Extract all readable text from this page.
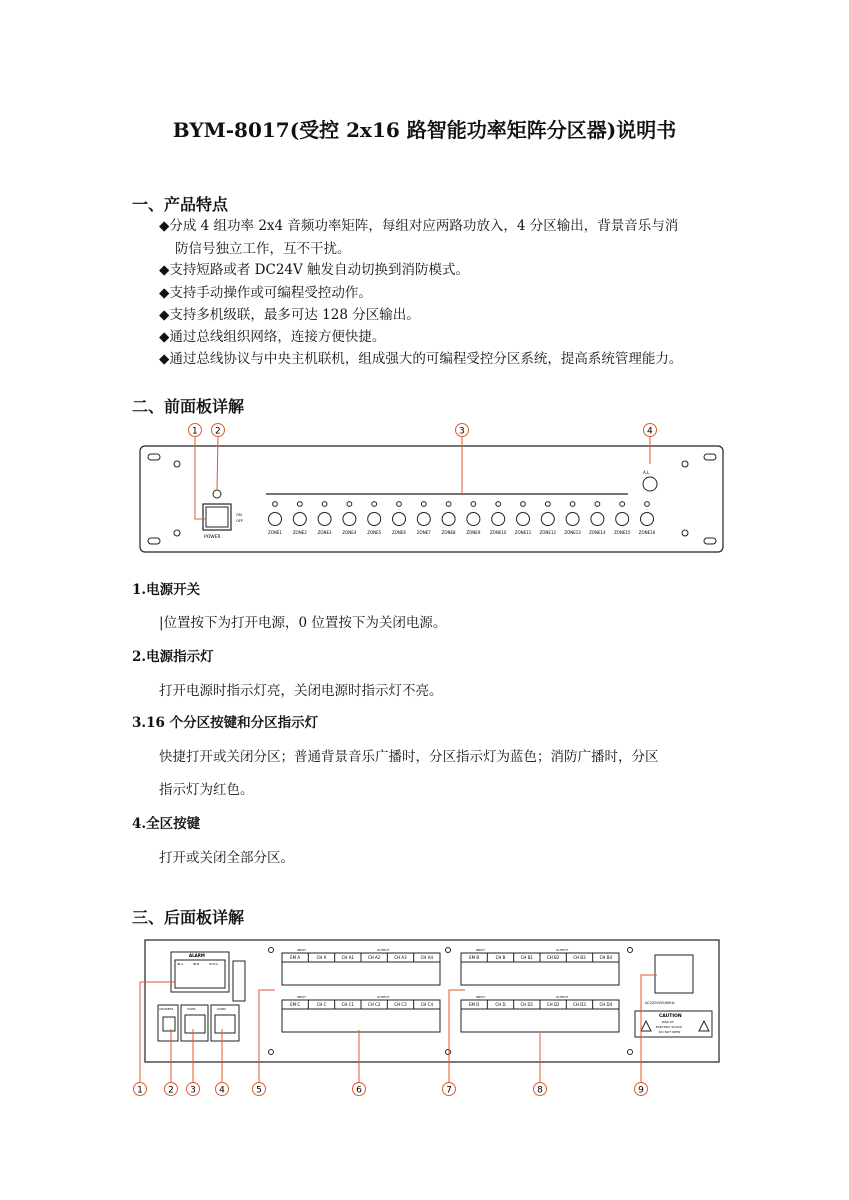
BYM-8017(受控 2x16 路智能功率矩阵分区器)说明书
一、产品特点
◆分成 4 组功率 2x4 音频功率矩阵，每组对应两路功放入，4 分区输出，背景音乐与消
防信号独立工作，互不干扰。
◆支持短路或者 DC24V 触发自动切换到消防模式。
◆支持手动操作或可编程受控动作。
◆支持多机级联，最多可达 128 分区输出。
◆通过总线组织网络，连接方便快捷。
◆通过总线协议与中央主机联机，组成强大的可编程受控分区系统，提高系统管理能力。
二、前面板详解
POWER
ON
OFF
A.L
ZONE1	ZONE2	ZONE3	ZONE4	ZONE5	ZONE6	ZONE7	ZONE8	ZONE9 ZONE10 ZONE11 ZONE12 ZONE13 ZONE14 ZONE15 ZONE16
1 2	3	4
1.电源开关
|位置按下为打开电源，0 位置按下为关闭电源。
2.电源指示灯
打开电源时指示灯亮，关闭电源时指示灯不亮。
3.16 个分区按键和分区指示灯
快捷打开或关闭分区；普通背景音乐广播时，分区指示灯为蓝色；消防广播时，分区
指示灯为红色。
4.全区按键
打开或关闭全部分区。
三、后面板详解
ALARM
IN-A	IN-B	OUT-A
ADDRESS	COM1	COM2
INPUT	OUTPUT
EM A	CH A	CH A1	CH A2	CH A3	CH A4
INPUT	OUTPUT
EM C	CH C	CH C1	CH C2	CH C3	CH C4
INPUT	OUTPUT
EM B	CH B	CH B1	CH B2	CH B3	CH B4
INPUT	OUTPUT
EM D	CH D	CH D1	CH D2	CH D3	CH D4	AC220V/50/60Hz
CAUTION
RISK OF
ELECTRIC SHOCK
DO NOT OPEN
1	2 3	4	5	6	7	8	9
